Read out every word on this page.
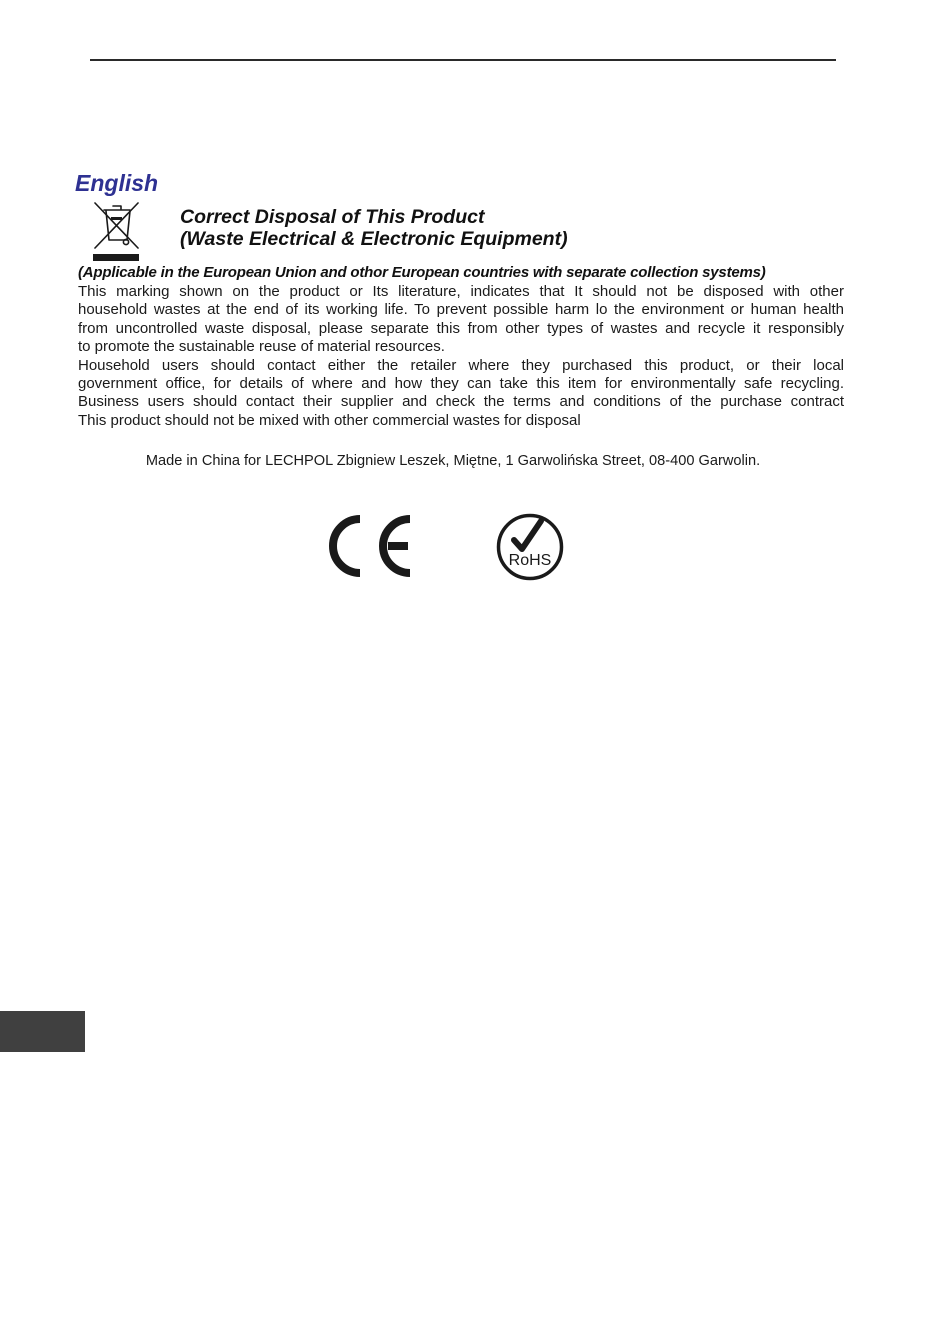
English
Correct Disposal of This Product
(Waste Electrical & Electronic Equipment)
(Applicable in the European Union and othor European countries with separate collection systems)
This marking shown on the product or Its literature, indicates that It should not be disposed with other
household wastes at the end of its working life. To prevent possible harm lo the environment or human health
from uncontrolled waste disposal, please separate this from other types of wastes and recycle it responsibly
to promote the sustainable reuse of material resources.
Household users should contact either the retailer where they purchased this product, or their local
government office, for details of where and how they can take this item for environmentally safe recycling.
Business users should contact their supplier and check the terms and conditions of the purchase contract
This product should not be mixed with other commercial wastes for disposal
Made in China for LECHPOL Zbigniew Leszek, Miętne, 1 Garwolińska Street, 08-400 Garwolin.
RoHS
